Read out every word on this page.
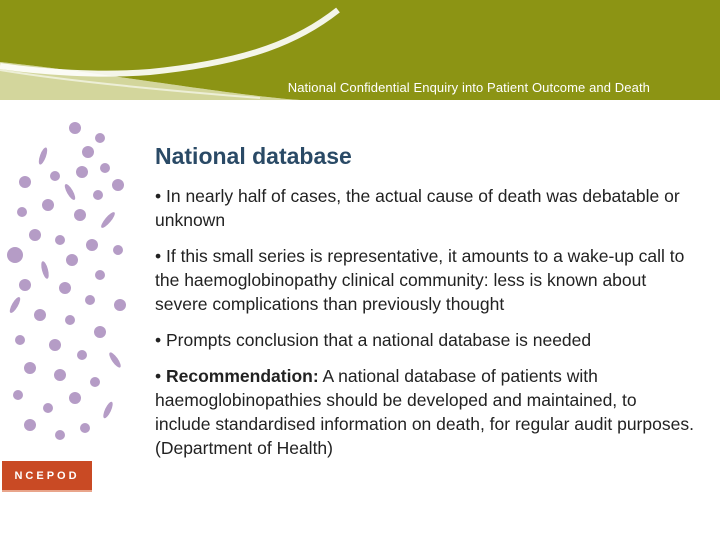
National Confidential Enquiry into Patient Outcome and Death
National database
• In nearly half of cases, the actual cause of death was debatable or unknown
• If this small series is representative, it amounts to a wake-up call to the haemoglobinopathy clinical community: less is known about severe complications than previously thought
• Prompts conclusion that a national database is needed
• Recommendation: A national database of patients with haemoglobinopathies should be developed and maintained, to include standardised information on death, for regular audit purposes. (Department of Health)
NCEPOD
